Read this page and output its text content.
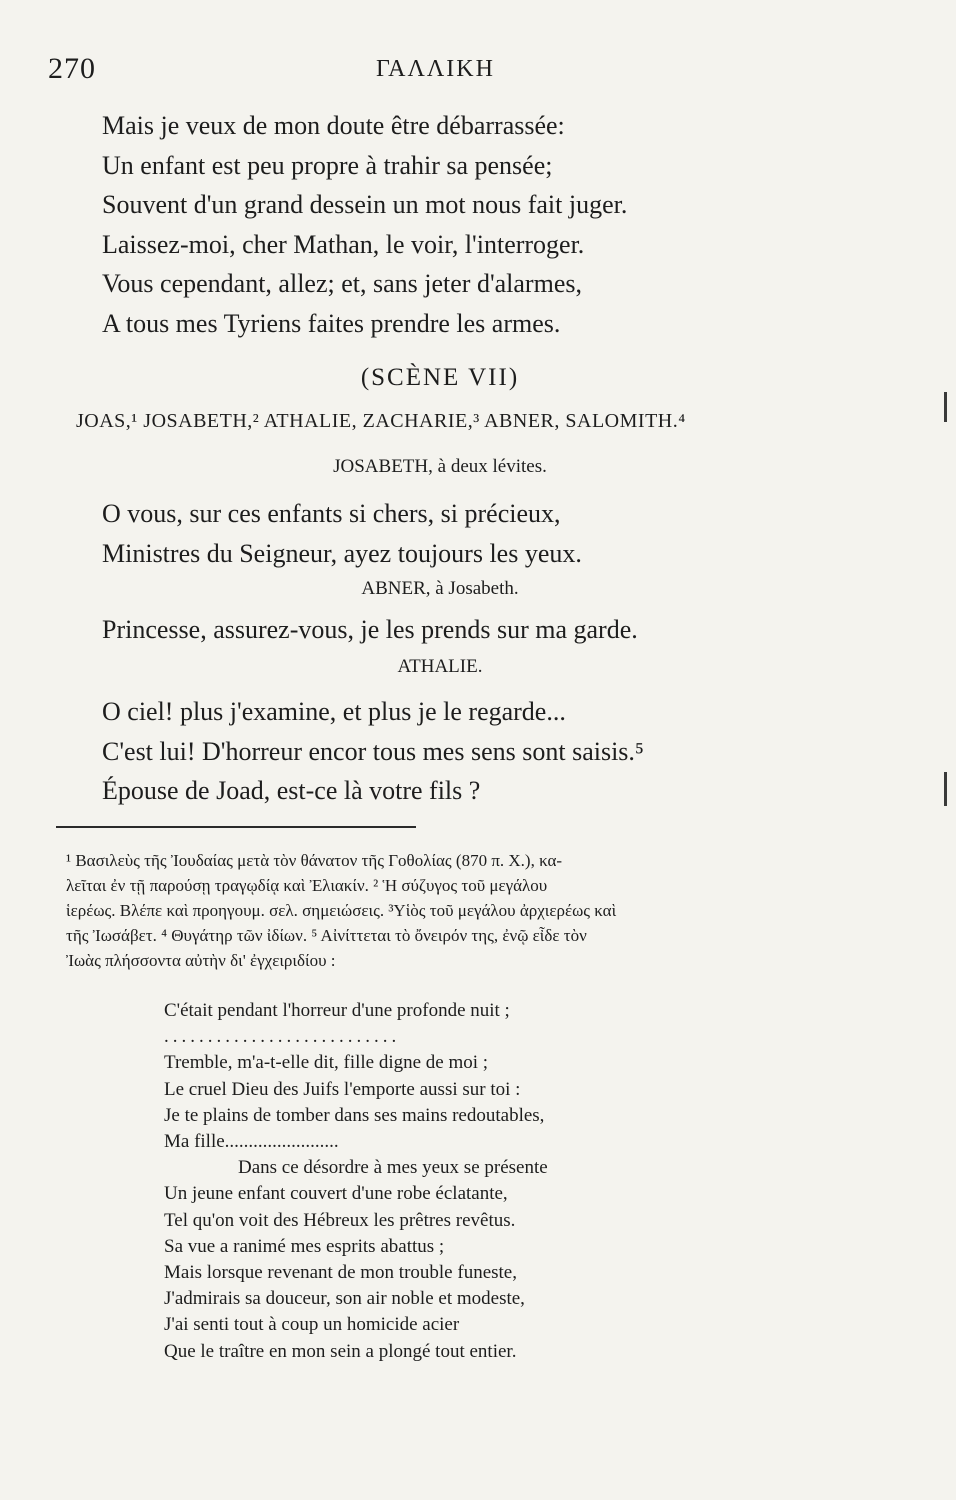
270	ΓΑΛΛΙΚΗ
Mais je veux de mon doute être débarrassée:
Un enfant est peu propre à trahir sa pensée;
Souvent d'un grand dessein un mot nous fait juger.
Laissez-moi, cher Mathan, le voir, l'interroger.
Vous cependant, allez; et, sans jeter d'alarmes,
A tous mes Tyriens faites prendre les armes.
(SCÈNE VII)
JOAS,¹ JOSABETH,² ATHALIE, ZACHARIE,³ ABNER, SALOMITH.⁴
JOSABETH, à deux lévites.
O vous, sur ces enfants si chers, si précieux,
Ministres du Seigneur, ayez toujours les yeux.
ABNER, à Josabeth.
Princesse, assurez-vous, je les prends sur ma garde.
ATHALIE.
O ciel! plus j'examine, et plus je le regarde...
C'est lui! D'horreur encor tous mes sens sont saisis.⁵
Épouse de Joad, est-ce là votre fils ?
¹ Βασιλεὺς τῆς Ἰουδαίας μετὰ τὸν θάνατον τῆς Γοθολίας (870 π. Χ.), κα-
λεῖται ἐν τῇ παρούσῃ τραγῳδίᾳ καὶ Ἐλιακίν. ² Ἡ σύζυγος τοῦ μεγάλου
ἱερέως. Βλέπε καὶ προηγουμ. σελ. σημειώσεις. ³Υἱὸς τοῦ μεγάλου ἀρχιερέως καὶ
τῆς Ἰωσάβετ. ⁴ Θυγάτηρ τῶν ἰδίων. ⁵ Αἰνίττεται τὸ ὄνειρόν της, ἐνῷ εἶδε τὸν
Ἰωὰς πλήσσοντα αὐτὴν δι' ἐγχειριδίου :
C'était pendant l'horreur d'une profonde nuit ;
...........................
Tremble, m'a-t-elle dit, fille digne de moi ;
Le cruel Dieu des Juifs l'emporte aussi sur toi :
Je te plains de tomber dans ses mains redoutables,
Ma fille........................
Dans ce désordre à mes yeux se présente
Un jeune enfant couvert d'une robe éclatante,
Tel qu'on voit des Hébreux les prêtres revêtus.
Sa vue a ranimé mes esprits abattus ;
Mais lorsque revenant de mon trouble funeste,
J'admirais sa douceur, son air noble et modeste,
J'ai senti tout à coup un homicide acier
Que le traître en mon sein a plongé tout entier.
